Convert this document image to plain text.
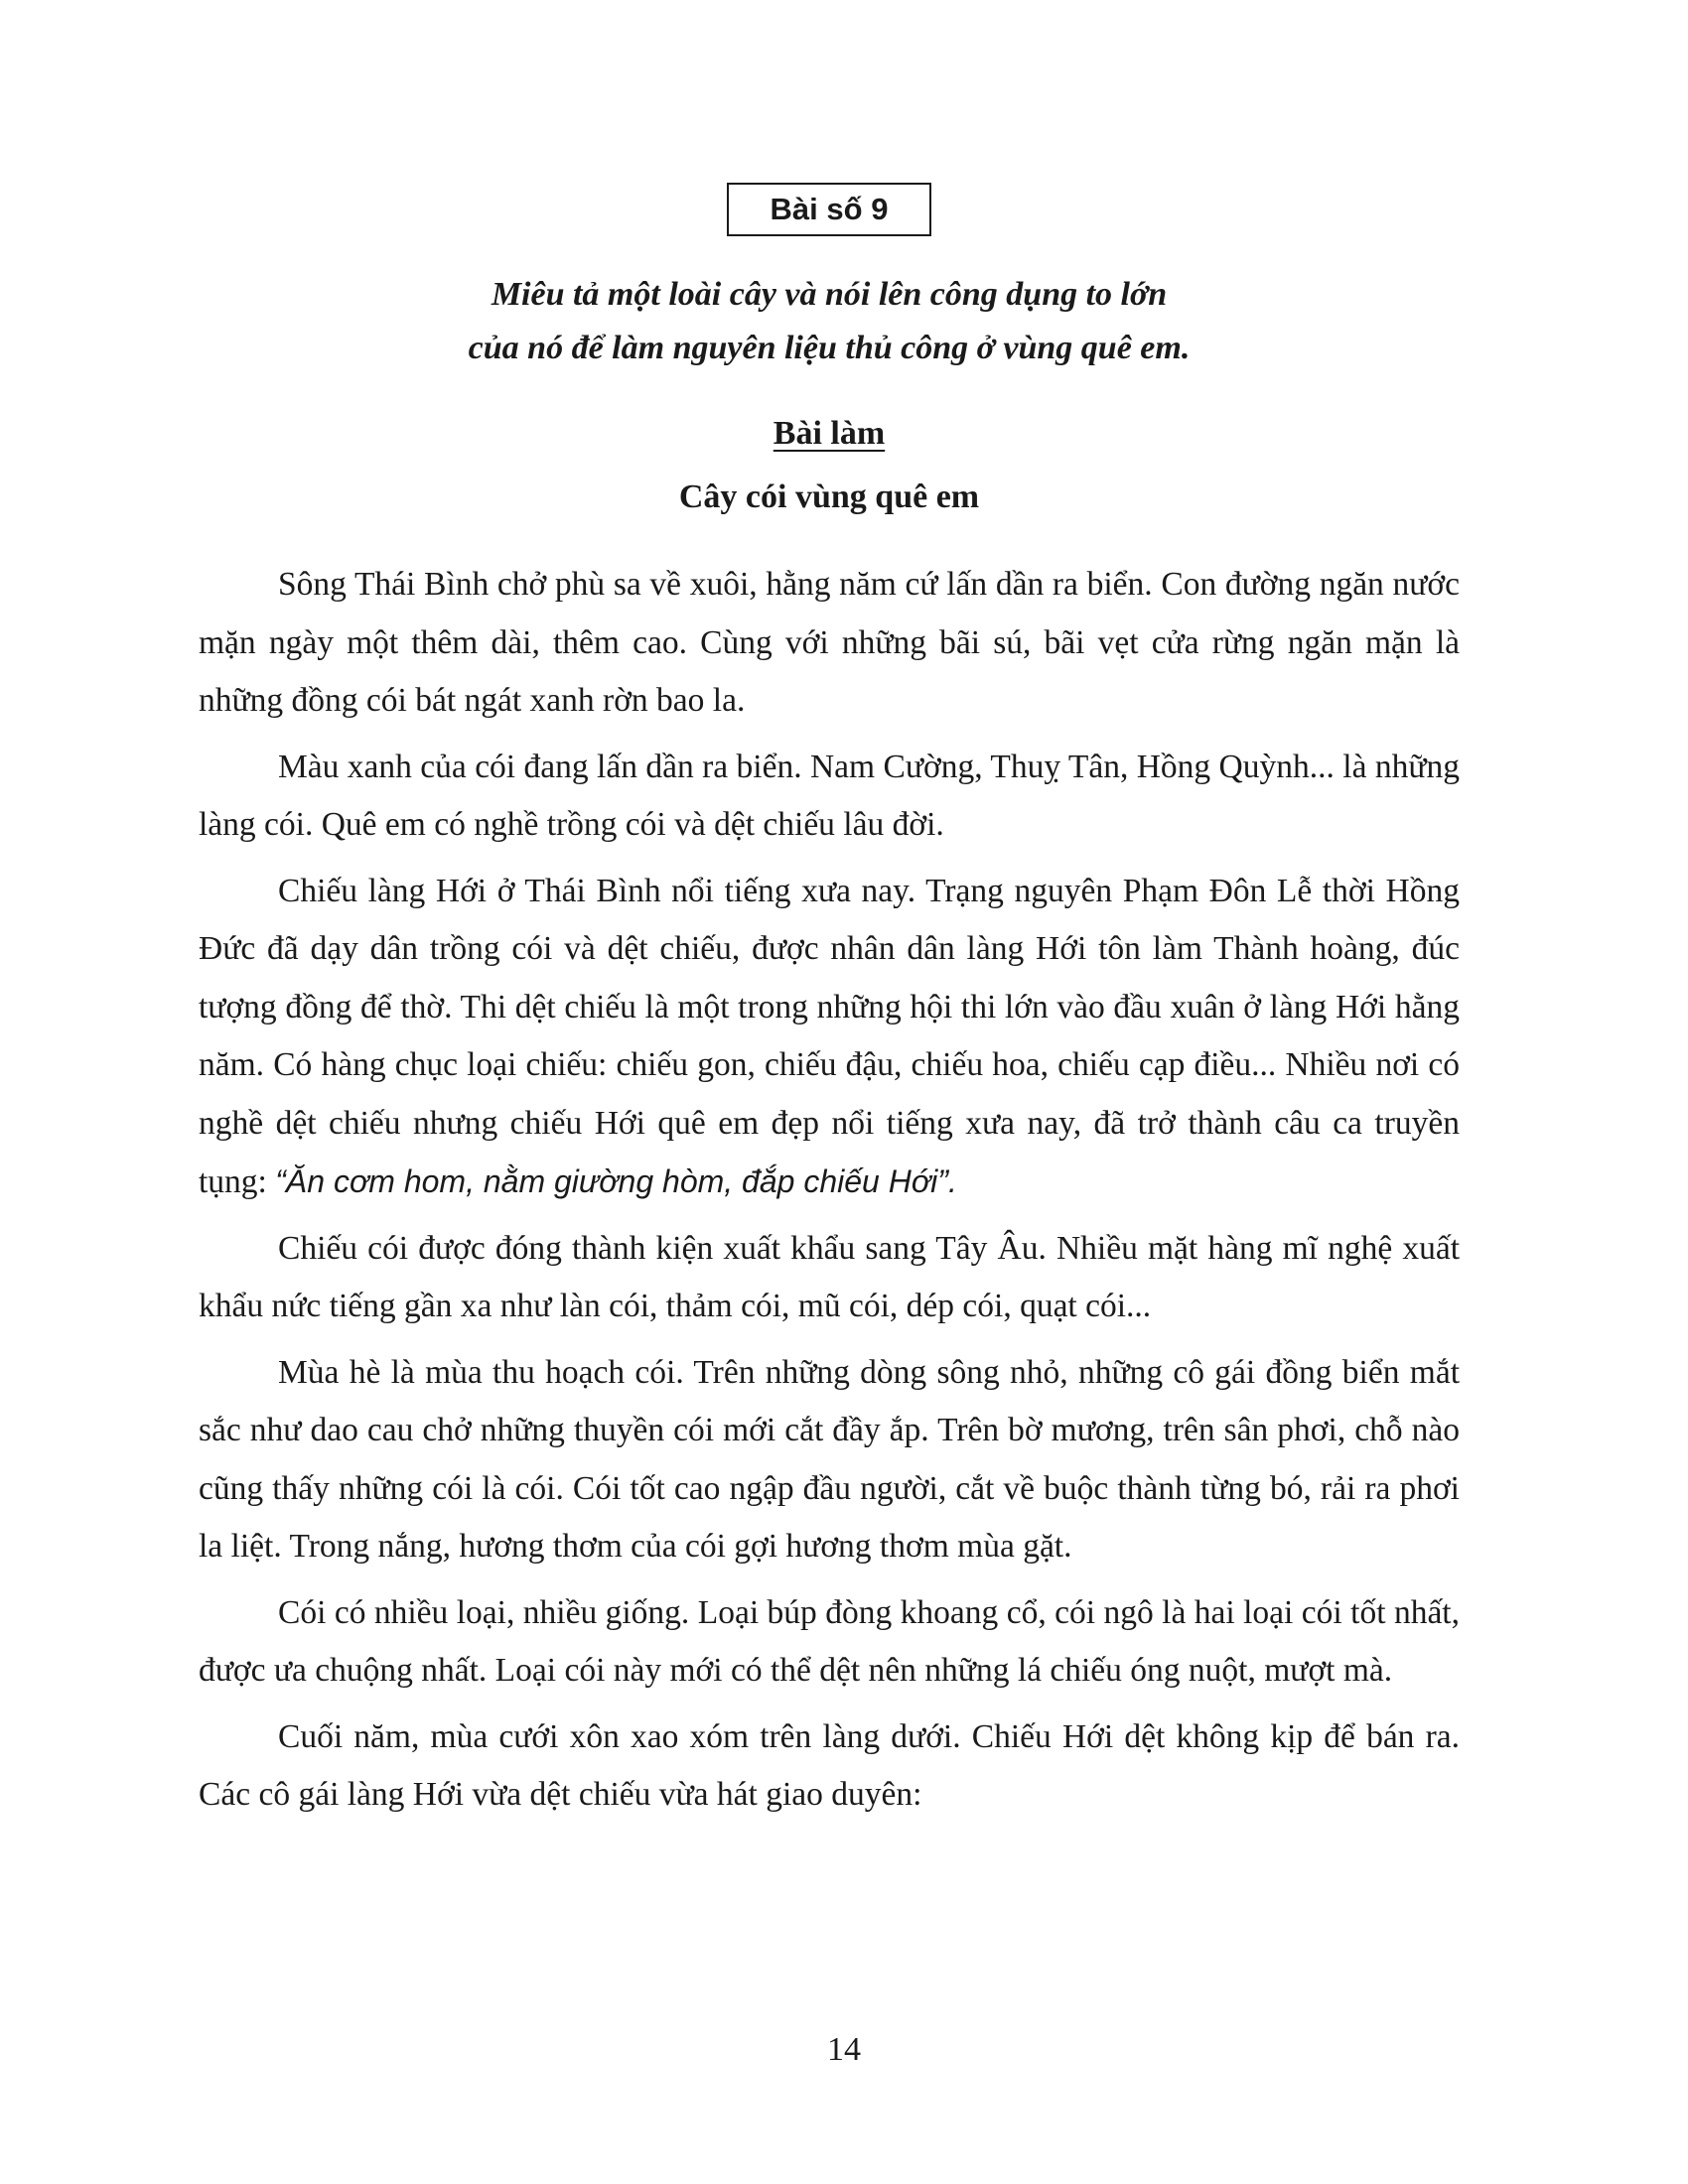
Bài số 9
Miêu tả một loài cây và nói lên công dụng to lớn
của nó để làm nguyên liệu thủ công ở vùng quê em.
Bài làm
Cây cói vùng quê em

Sông Thái Bình chở phù sa về xuôi, hằng năm cứ lấn dần ra biển. Con đường ngăn nước mặn ngày một thêm dài, thêm cao. Cùng với những bãi sú, bãi vẹt cửa rừng ngăn mặn là những đồng cói bát ngát xanh rờn bao la.

Màu xanh của cói đang lấn dần ra biển. Nam Cường, Thuỵ Tân, Hồng Quỳnh... là những làng cói. Quê em có nghề trồng cói và dệt chiếu lâu đời.

Chiếu làng Hới ở Thái Bình nổi tiếng xưa nay. Trạng nguyên Phạm Đôn Lễ thời Hồng Đức đã dạy dân trồng cói và dệt chiếu, được nhân dân làng Hới tôn làm Thành hoàng, đúc tượng đồng để thờ. Thi dệt chiếu là một trong những hội thi lớn vào đầu xuân ở làng Hới hằng năm. Có hàng chục loại chiếu: chiếu gon, chiếu đậu, chiếu hoa, chiếu cạp điều... Nhiều nơi có nghề dệt chiếu nhưng chiếu Hới quê em đẹp nổi tiếng xưa nay, đã trở thành câu ca truyền tụng: “Ăn cơm hom, nằm giường hòm, đắp chiếu Hới”.

Chiếu cói được đóng thành kiện xuất khẩu sang Tây Âu. Nhiều mặt hàng mĩ nghệ xuất khẩu nức tiếng gần xa như làn cói, thảm cói, mũ cói, dép cói, quạt cói...

Mùa hè là mùa thu hoạch cói. Trên những dòng sông nhỏ, những cô gái đồng biển mắt sắc như dao cau chở những thuyền cói mới cắt đầy ắp. Trên bờ mương, trên sân phơi, chỗ nào cũng thấy những cói là cói. Cói tốt cao ngập đầu người, cắt về buộc thành từng bó, rải ra phơi la liệt. Trong nắng, hương thơm của cói gợi hương thơm mùa gặt.

Cói có nhiều loại, nhiều giống. Loại búp đòng khoang cổ, cói ngô là hai loại cói tốt nhất, được ưa chuộng nhất. Loại cói này mới có thể dệt nên những lá chiếu óng nuột, mượt mà.

Cuối năm, mùa cưới xôn xao xóm trên làng dưới. Chiếu Hới dệt không kịp để bán ra. Các cô gái làng Hới vừa dệt chiếu vừa hát giao duyên:

14
